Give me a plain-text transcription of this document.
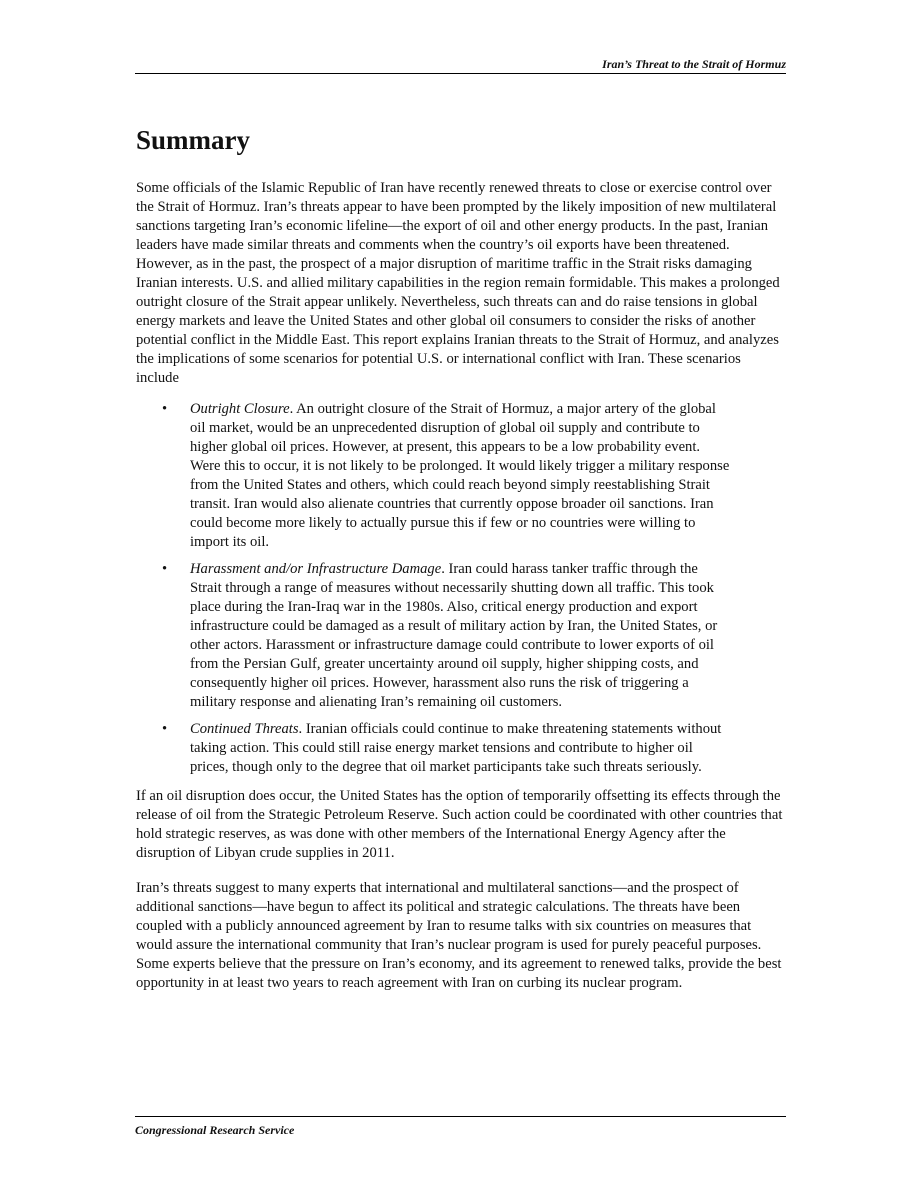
Iran’s Threat to the Strait of Hormuz
Summary

Some officials of the Islamic Republic of Iran have recently renewed threats to close or exercise control over the Strait of Hormuz. Iran’s threats appear to have been prompted by the likely imposition of new multilateral sanctions targeting Iran’s economic lifeline—the export of oil and other energy products. In the past, Iranian leaders have made similar threats and comments when the country’s oil exports have been threatened. However, as in the past, the prospect of a major disruption of maritime traffic in the Strait risks damaging Iranian interests. U.S. and allied military capabilities in the region remain formidable. This makes a prolonged outright closure of the Strait appear unlikely. Nevertheless, such threats can and do raise tensions in global energy markets and leave the United States and other global oil consumers to consider the risks of another potential conflict in the Middle East. This report explains Iranian threats to the Strait of Hormuz, and analyzes the implications of some scenarios for potential U.S. or international conflict with Iran. These scenarios include

• Outright Closure. An outright closure of the Strait of Hormuz, a major artery of the global oil market, would be an unprecedented disruption of global oil supply and contribute to higher global oil prices. However, at present, this appears to be a low probability event. Were this to occur, it is not likely to be prolonged. It would likely trigger a military response from the United States and others, which could reach beyond simply reestablishing Strait transit. Iran would also alienate countries that currently oppose broader oil sanctions. Iran could become more likely to actually pursue this if few or no countries were willing to import its oil.
• Harassment and/or Infrastructure Damage. Iran could harass tanker traffic through the Strait through a range of measures without necessarily shutting down all traffic. This took place during the Iran-Iraq war in the 1980s. Also, critical energy production and export infrastructure could be damaged as a result of military action by Iran, the United States, or other actors. Harassment or infrastructure damage could contribute to lower exports of oil from the Persian Gulf, greater uncertainty around oil supply, higher shipping costs, and consequently higher oil prices. However, harassment also runs the risk of triggering a military response and alienating Iran’s remaining oil customers.
• Continued Threats. Iranian officials could continue to make threatening statements without taking action. This could still raise energy market tensions and contribute to higher oil prices, though only to the degree that oil market participants take such threats seriously.

If an oil disruption does occur, the United States has the option of temporarily offsetting its effects through the release of oil from the Strategic Petroleum Reserve. Such action could be coordinated with other countries that hold strategic reserves, as was done with other members of the International Energy Agency after the disruption of Libyan crude supplies in 2011.

Iran’s threats suggest to many experts that international and multilateral sanctions—and the prospect of additional sanctions—have begun to affect its political and strategic calculations. The threats have been coupled with a publicly announced agreement by Iran to resume talks with six countries on measures that would assure the international community that Iran’s nuclear program is used for purely peaceful purposes. Some experts believe that the pressure on Iran’s economy, and its agreement to renewed talks, provide the best opportunity in at least two years to reach agreement with Iran on curbing its nuclear program.

Congressional Research Service
